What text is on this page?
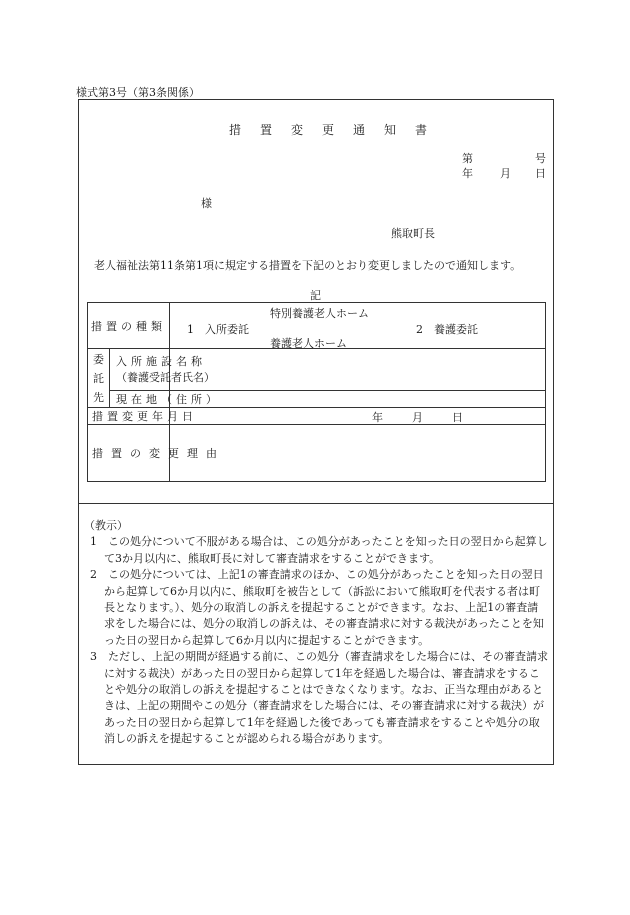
様式第3号（第3条関係）
措置変更通知書
第	号
年 月 日
様
熊取町長
老人福祉法第11条第1項に規定する措置を下記のとおり変更しましたので通知します。
記
措置の種類		特別養護老人ホーム
1　入所委託 2　養護委託
養護老人ホーム

委託先	入所施設名称
（養護受託者氏名）	

	現在地（住所）	
措置変更年月日		年 月 日

措置の変更理由		

（教示）

1　この処分について不服がある場合は、この処分があったことを知った日の翌日から起算して3か月以内に、熊取町長に対して審査請求をすることができます。

2　この処分については、上記1の審査請求のほか、この処分があったことを知った日の翌日から起算して6か月以内に、熊取町を被告として（訴訟において熊取町を代表する者は町長となります。）、処分の取消しの訴えを提起することができます。なお、上記1の審査請求をした場合には、処分の取消しの訴えは、その審査請求に対する裁決があったことを知った日の翌日から起算して6か月以内に提起することができます。

3　ただし、上記の期間が経過する前に、この処分（審査請求をした場合には、その審査請求に対する裁決）があった日の翌日から起算して1年を経過した場合は、審査請求をすることや処分の取消しの訴えを提起することはできなくなります。なお、正当な理由があるときは、上記の期間やこの処分（審査請求をした場合には、その審査請求に対する裁決）があった日の翌日から起算して1年を経過した後であっても審査請求をすることや処分の取消しの訴えを提起することが認められる場合があります。
